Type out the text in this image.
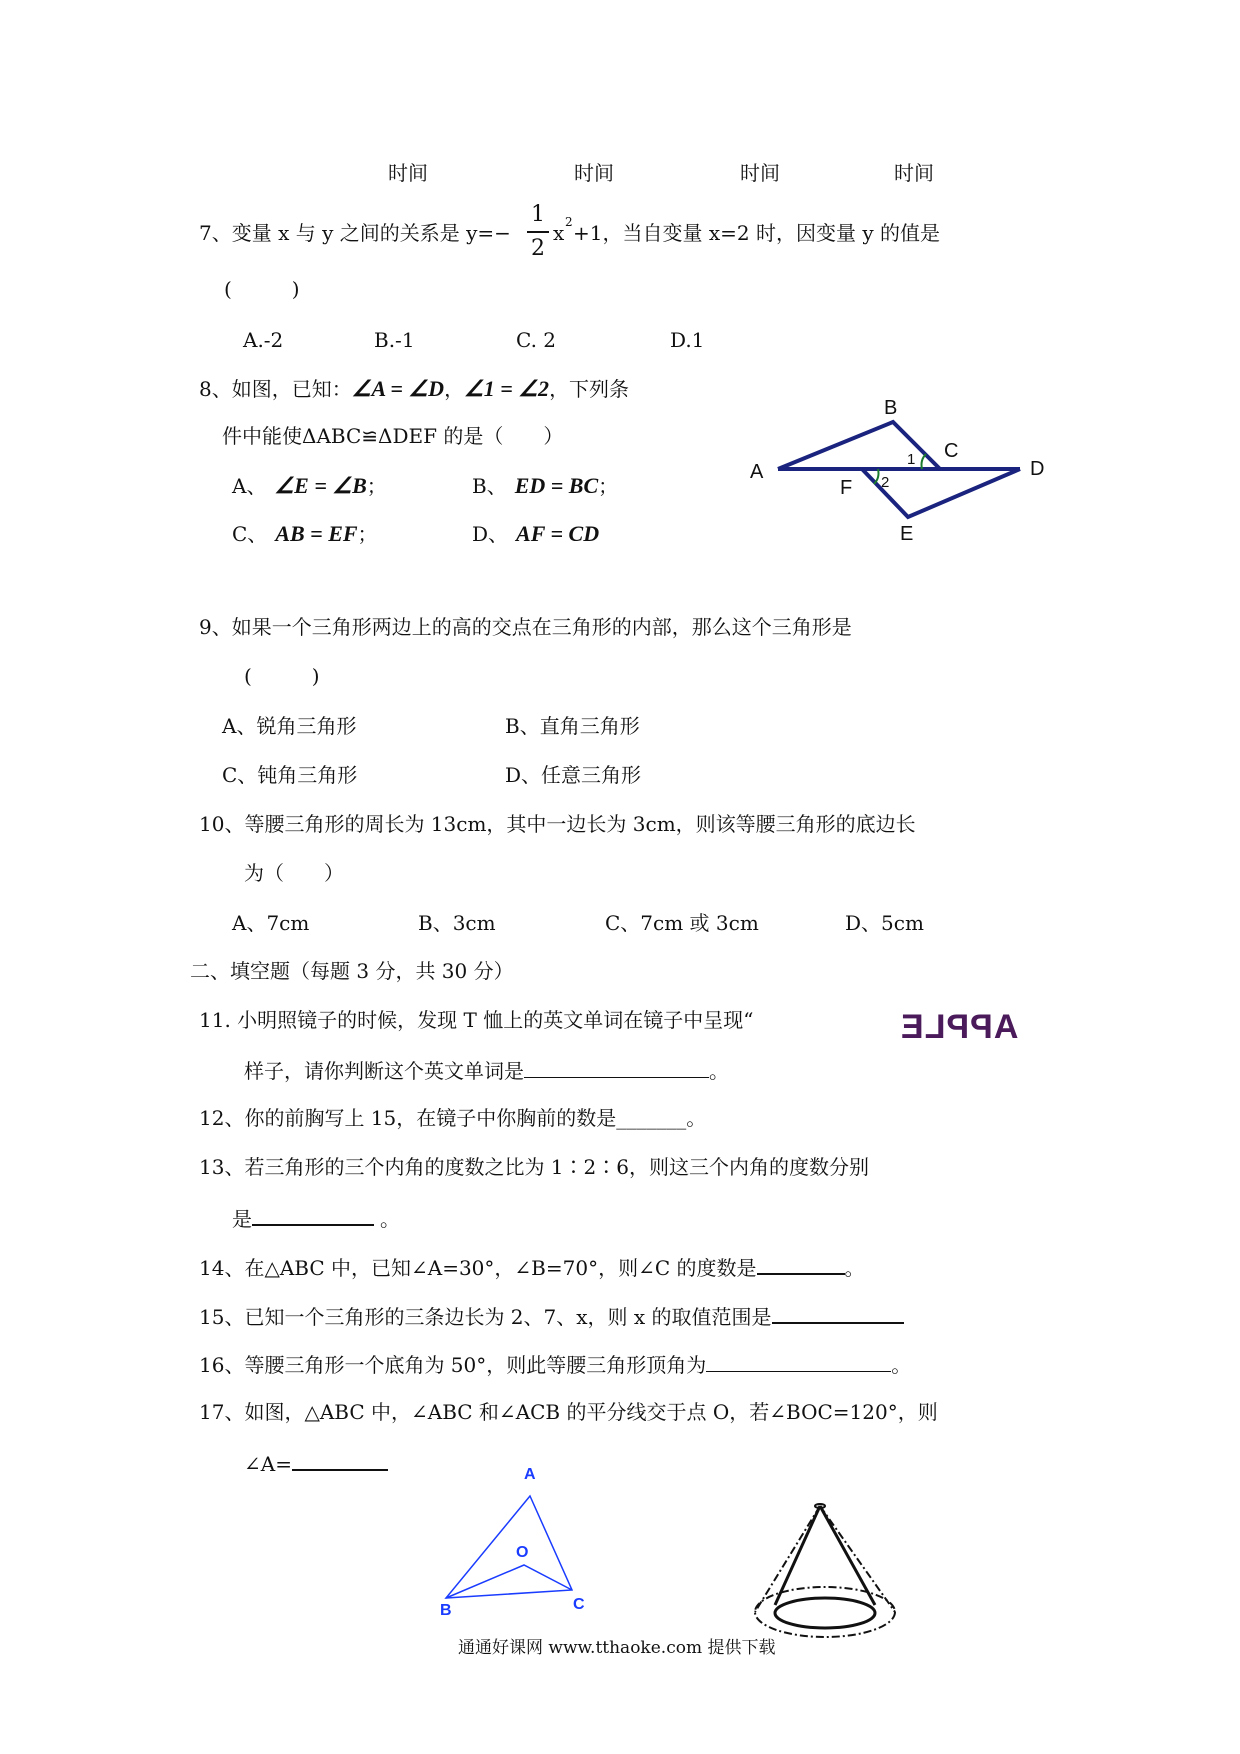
时间	时间	时间	时间
7、变量 x 与 y 之间的关系是 y=−
1
2
x 2 +1，当自变量 x=2 时，因变量 y 的值是
(　　　)
A.-2	B.-1	C. 2	D.1
8、如图，已知：∠A = ∠D，∠1 = ∠2，下列条
件中能使ΔABC≌ΔDEF 的是（　　）
A、 ∠E = ∠B；	B、 ED = BC；
C、 AB = EF；	D、 AF = CD
A
B
C
D
E
F
1
2
9、如果一个三角形两边上的高的交点在三角形的内部，那么这个三角形是
(　　　)
A、锐角三角形	B、直角三角形
C、钝角三角形	D、任意三角形
10、等腰三角形的周长为 13cm，其中一边长为 3cm，则该等腰三角形的底边长
为（　　）
A、7cm	B、3cm	C、7cm 或 3cm	D、5cm
二、填空题（每题 3 分，共 30 分）
11. 小明照镜子的时候，发现 T 恤上的英文单词在镜子中呈现“	APPLE
样子，请你判断这个英文单词是	。
12、你的前胸写上 15，在镜子中你胸前的数是_______。
13、若三角形的三个内角的度数之比为 1∶2∶6，则这三个内角的度数分别
是	。
14、在△ABC 中，已知∠A=30°，∠B=70°，则∠C 的度数是	。
15、已知一个三角形的三条边长为 2、7、x，则 x 的取值范围是
16、等腰三角形一个底角为 50°，则此等腰三角形顶角为	。
17、如图，△ABC 中，∠ABC 和∠ACB 的平分线交于点 O，若∠BOC=120°，则
∠A=	A
B	C
O
通通好课网 www.tthaoke.com 提供下载
